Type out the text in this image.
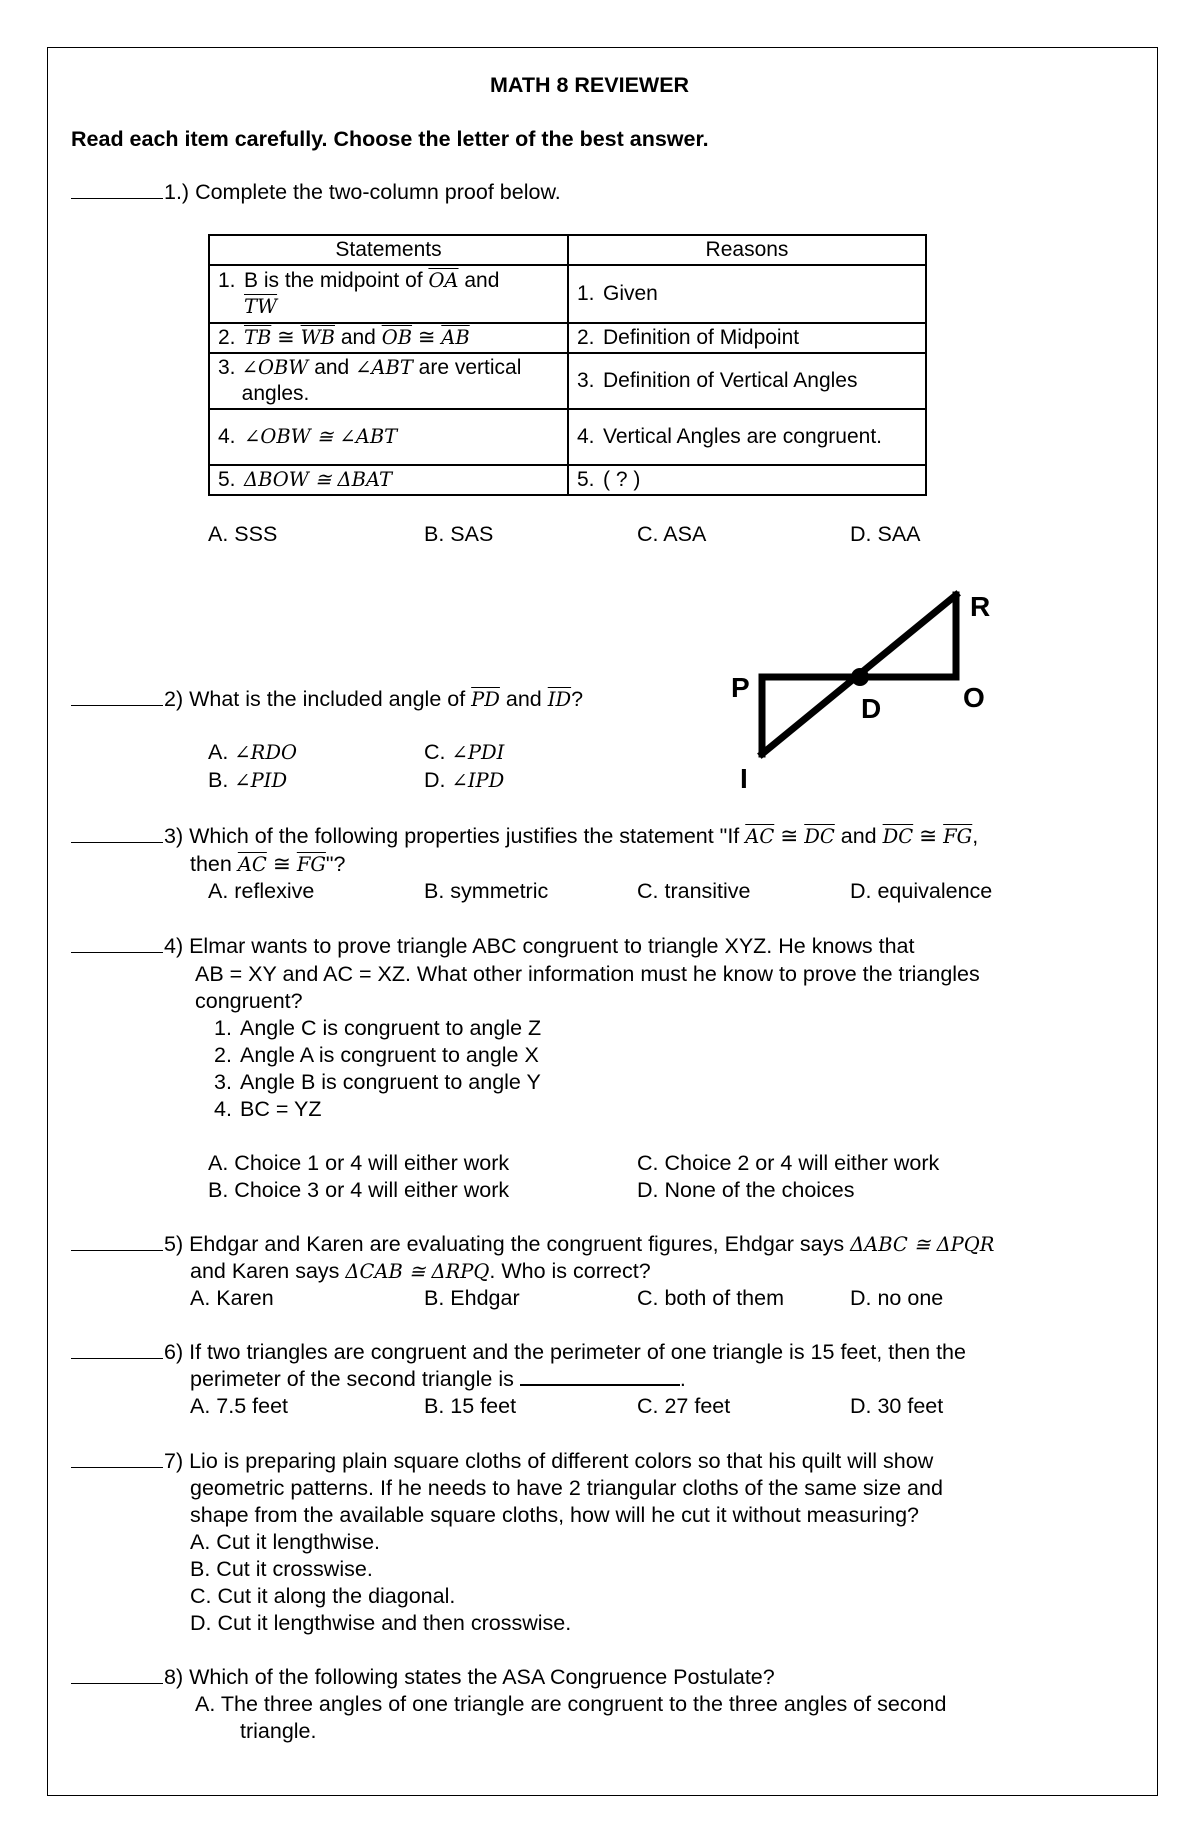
MATH 8 REVIEWER
Read each item carefully. Choose the letter of the best answer.
1.) Complete the two-column proof below.
Statements	Reasons

1. B is the midpoint of $\overline{OA}$ and
$\overline{TW}$	1. Given
2. $\overline{TB}$ ≅ $\overline{WB}$ and $\overline{OB}$ ≅ $\overline{AB}$	2. Definition of Midpoint

3. ∠OBW and ∠ABT are vertical angles.	3. Definition of Vertical Angles
4. ∠OBW ≅ ∠ABT	4. Vertical Angles are congruent.

5. ΔBOW ≅ ΔBAT	5. ( ? )
A. SSS	B. SAS	C. ASA	D. SAA
2) What is the included angle of $\overline{PD}$ and $\overline{ID}$?
A. ∠RDO
B. ∠PID
C. ∠PDI
D. ∠IPD
R
P
D	O
I
3) Which of the following properties justifies the statement "If $\overline{AC}$ ≅ $\overline{DC}$ and $\overline{DC}$ ≅ $\overline{FG}$,
then $\overline{AC}$ ≅ $\overline{FG}$"?
A. reflexive	B. symmetric	C. transitive	D. equivalence
4) Elmar wants to prove triangle ABC congruent to triangle XYZ. He knows that
AB = XY and AC = XZ. What other information must he know to prove the triangles
congruent?
1. Angle C is congruent to angle Z
2. Angle A is congruent to angle X
3. Angle B is congruent to angle Y
4. BC = YZ
A. Choice 1 or 4 will either work
B. Choice 3 or 4 will either work
C. Choice 2 or 4 will either work
D. None of the choices
5) Ehdgar and Karen are evaluating the congruent figures, Ehdgar says ΔABC ≅ ΔPQR
and Karen says ΔCAB ≅ ΔRPQ. Who is correct?
A. Karen	B. Ehdgar	C. both of them	D. no one
6) If two triangles are congruent and the perimeter of one triangle is 15 feet, then the
perimeter of the second triangle is	.
A. 7.5 feet	B. 15 feet	C. 27 feet	D. 30 feet
7) Lio is preparing plain square cloths of different colors so that his quilt will show
geometric patterns. If he needs to have 2 triangular cloths of the same size and
shape from the available square cloths, how will he cut it without measuring?
A. Cut it lengthwise.
B. Cut it crosswise.
C. Cut it along the diagonal.
D. Cut it lengthwise and then crosswise.
8) Which of the following states the ASA Congruence Postulate?
A. The three angles of one triangle are congruent to the three angles of second
triangle.
